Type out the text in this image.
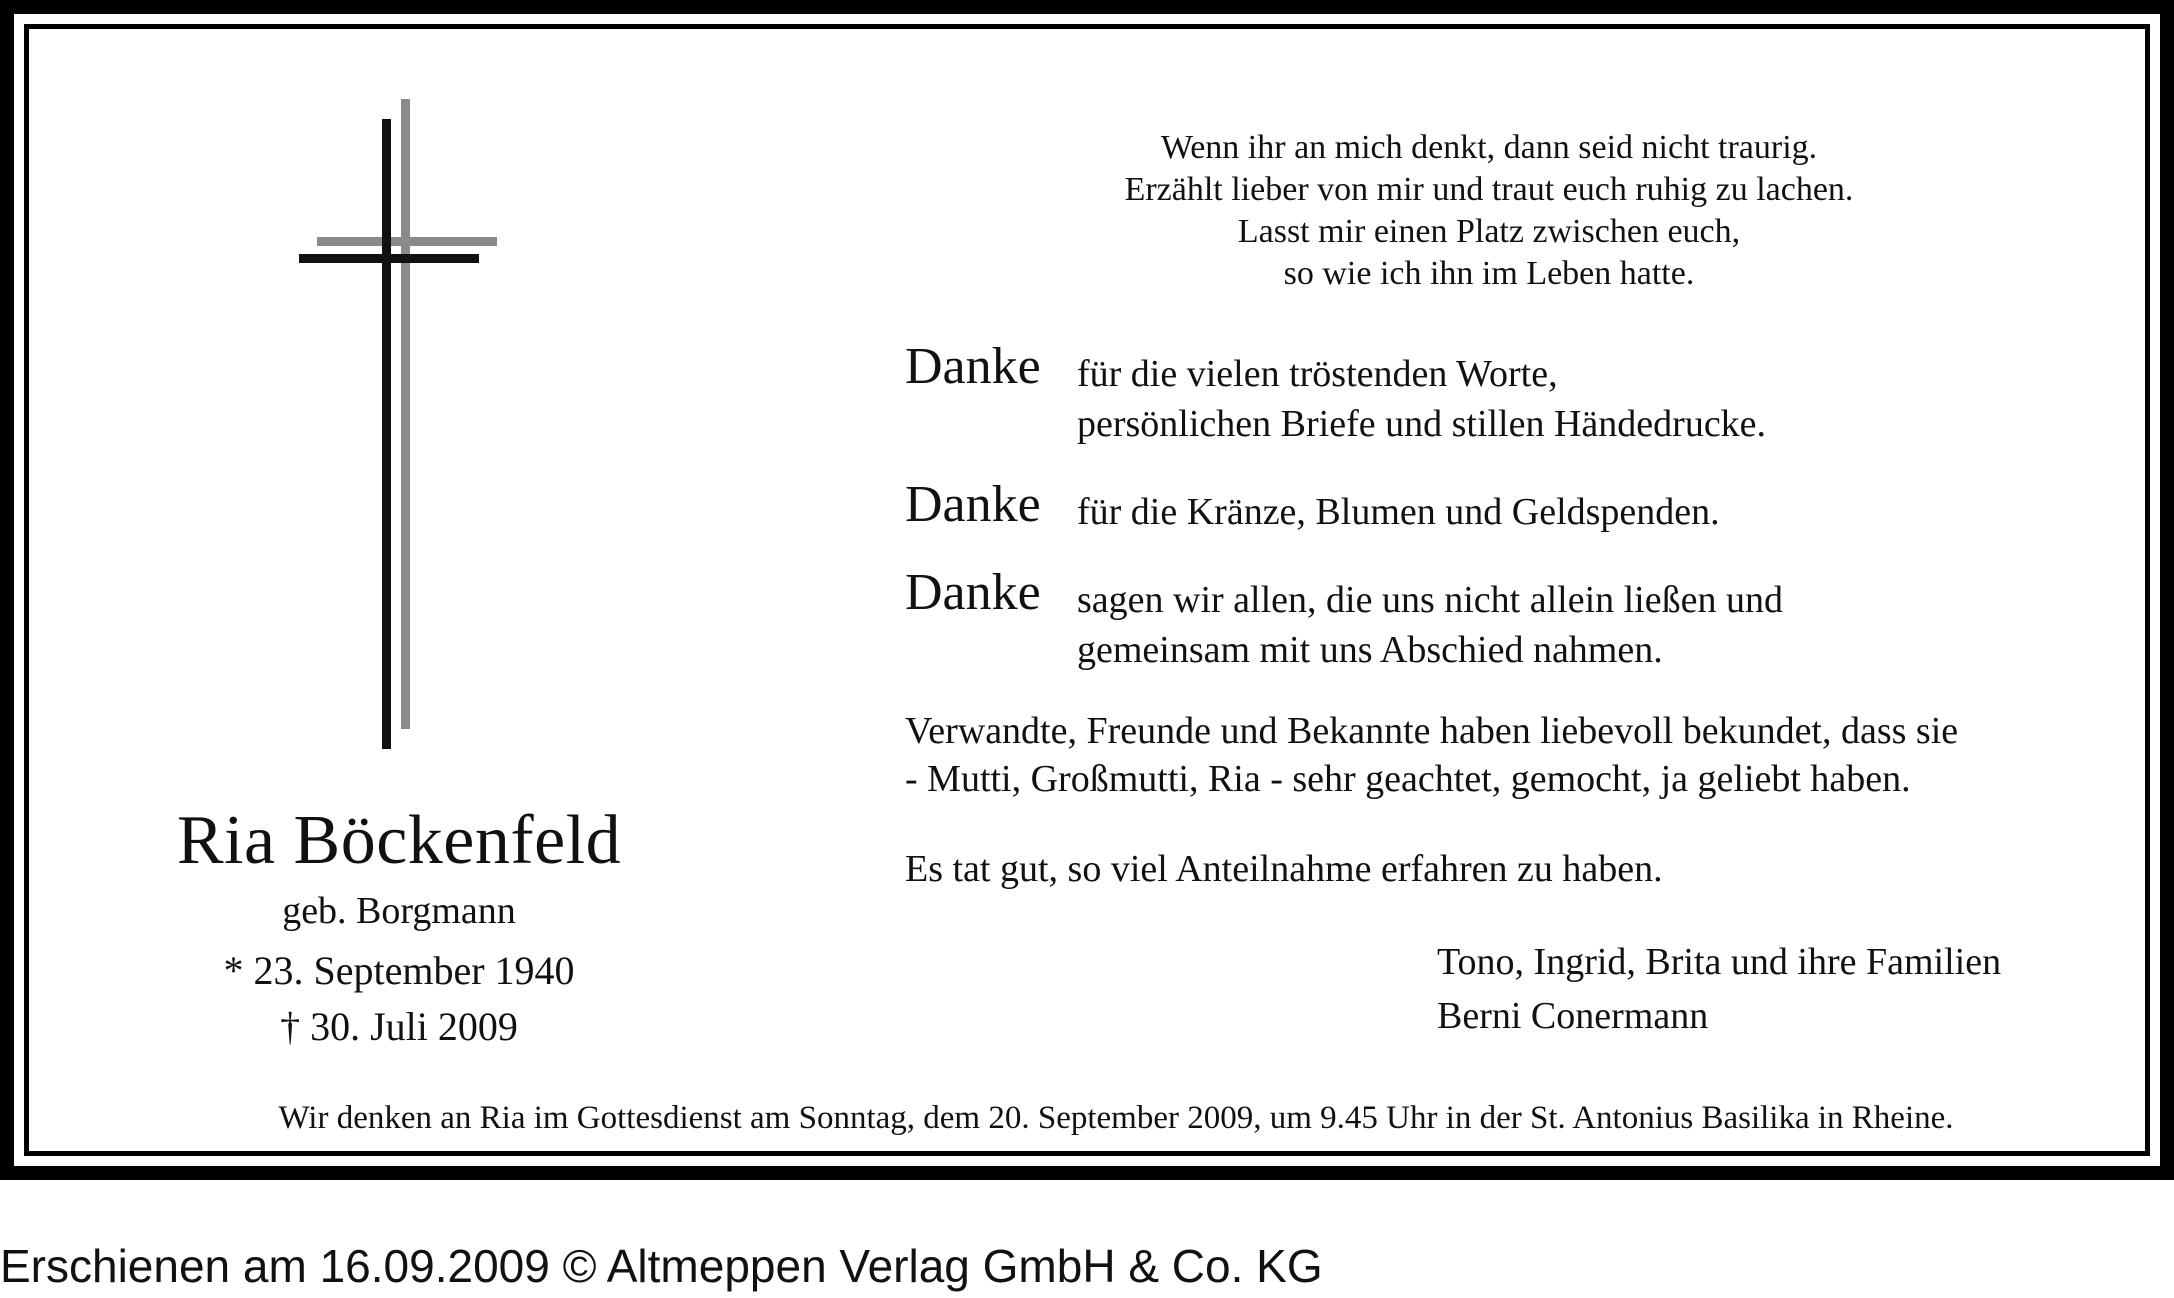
Ria Böckenfeld
geb. Borgmann
* 23. September 1940
† 30. Juli 2009
Wenn ihr an mich denkt, dann seid nicht traurig.
Erzählt lieber von mir und traut euch ruhig zu lachen.
Lasst mir einen Platz zwischen euch,
so wie ich ihn im Leben hatte.
Danke für die vielen tröstenden Worte,
persönlichen Briefe und stillen Händedrucke.
Danke für die Kränze, Blumen und Geldspenden.
Danke sagen wir allen, die uns nicht allein ließen und
gemeinsam mit uns Abschied nahmen.
Verwandte, Freunde und Bekannte haben liebevoll bekundet, dass sie
- Mutti, Großmutti, Ria - sehr geachtet, gemocht, ja geliebt haben.
Es tat gut, so viel Anteilnahme erfahren zu haben.
Tono, Ingrid, Brita und ihre Familien
Berni Conermann
Wir denken an Ria im Gottesdienst am Sonntag, dem 20. September 2009, um 9.45 Uhr in der St. Antonius Basilika in Rheine.
Erschienen am 16.09.2009 © Altmeppen Verlag GmbH & Co. KG
